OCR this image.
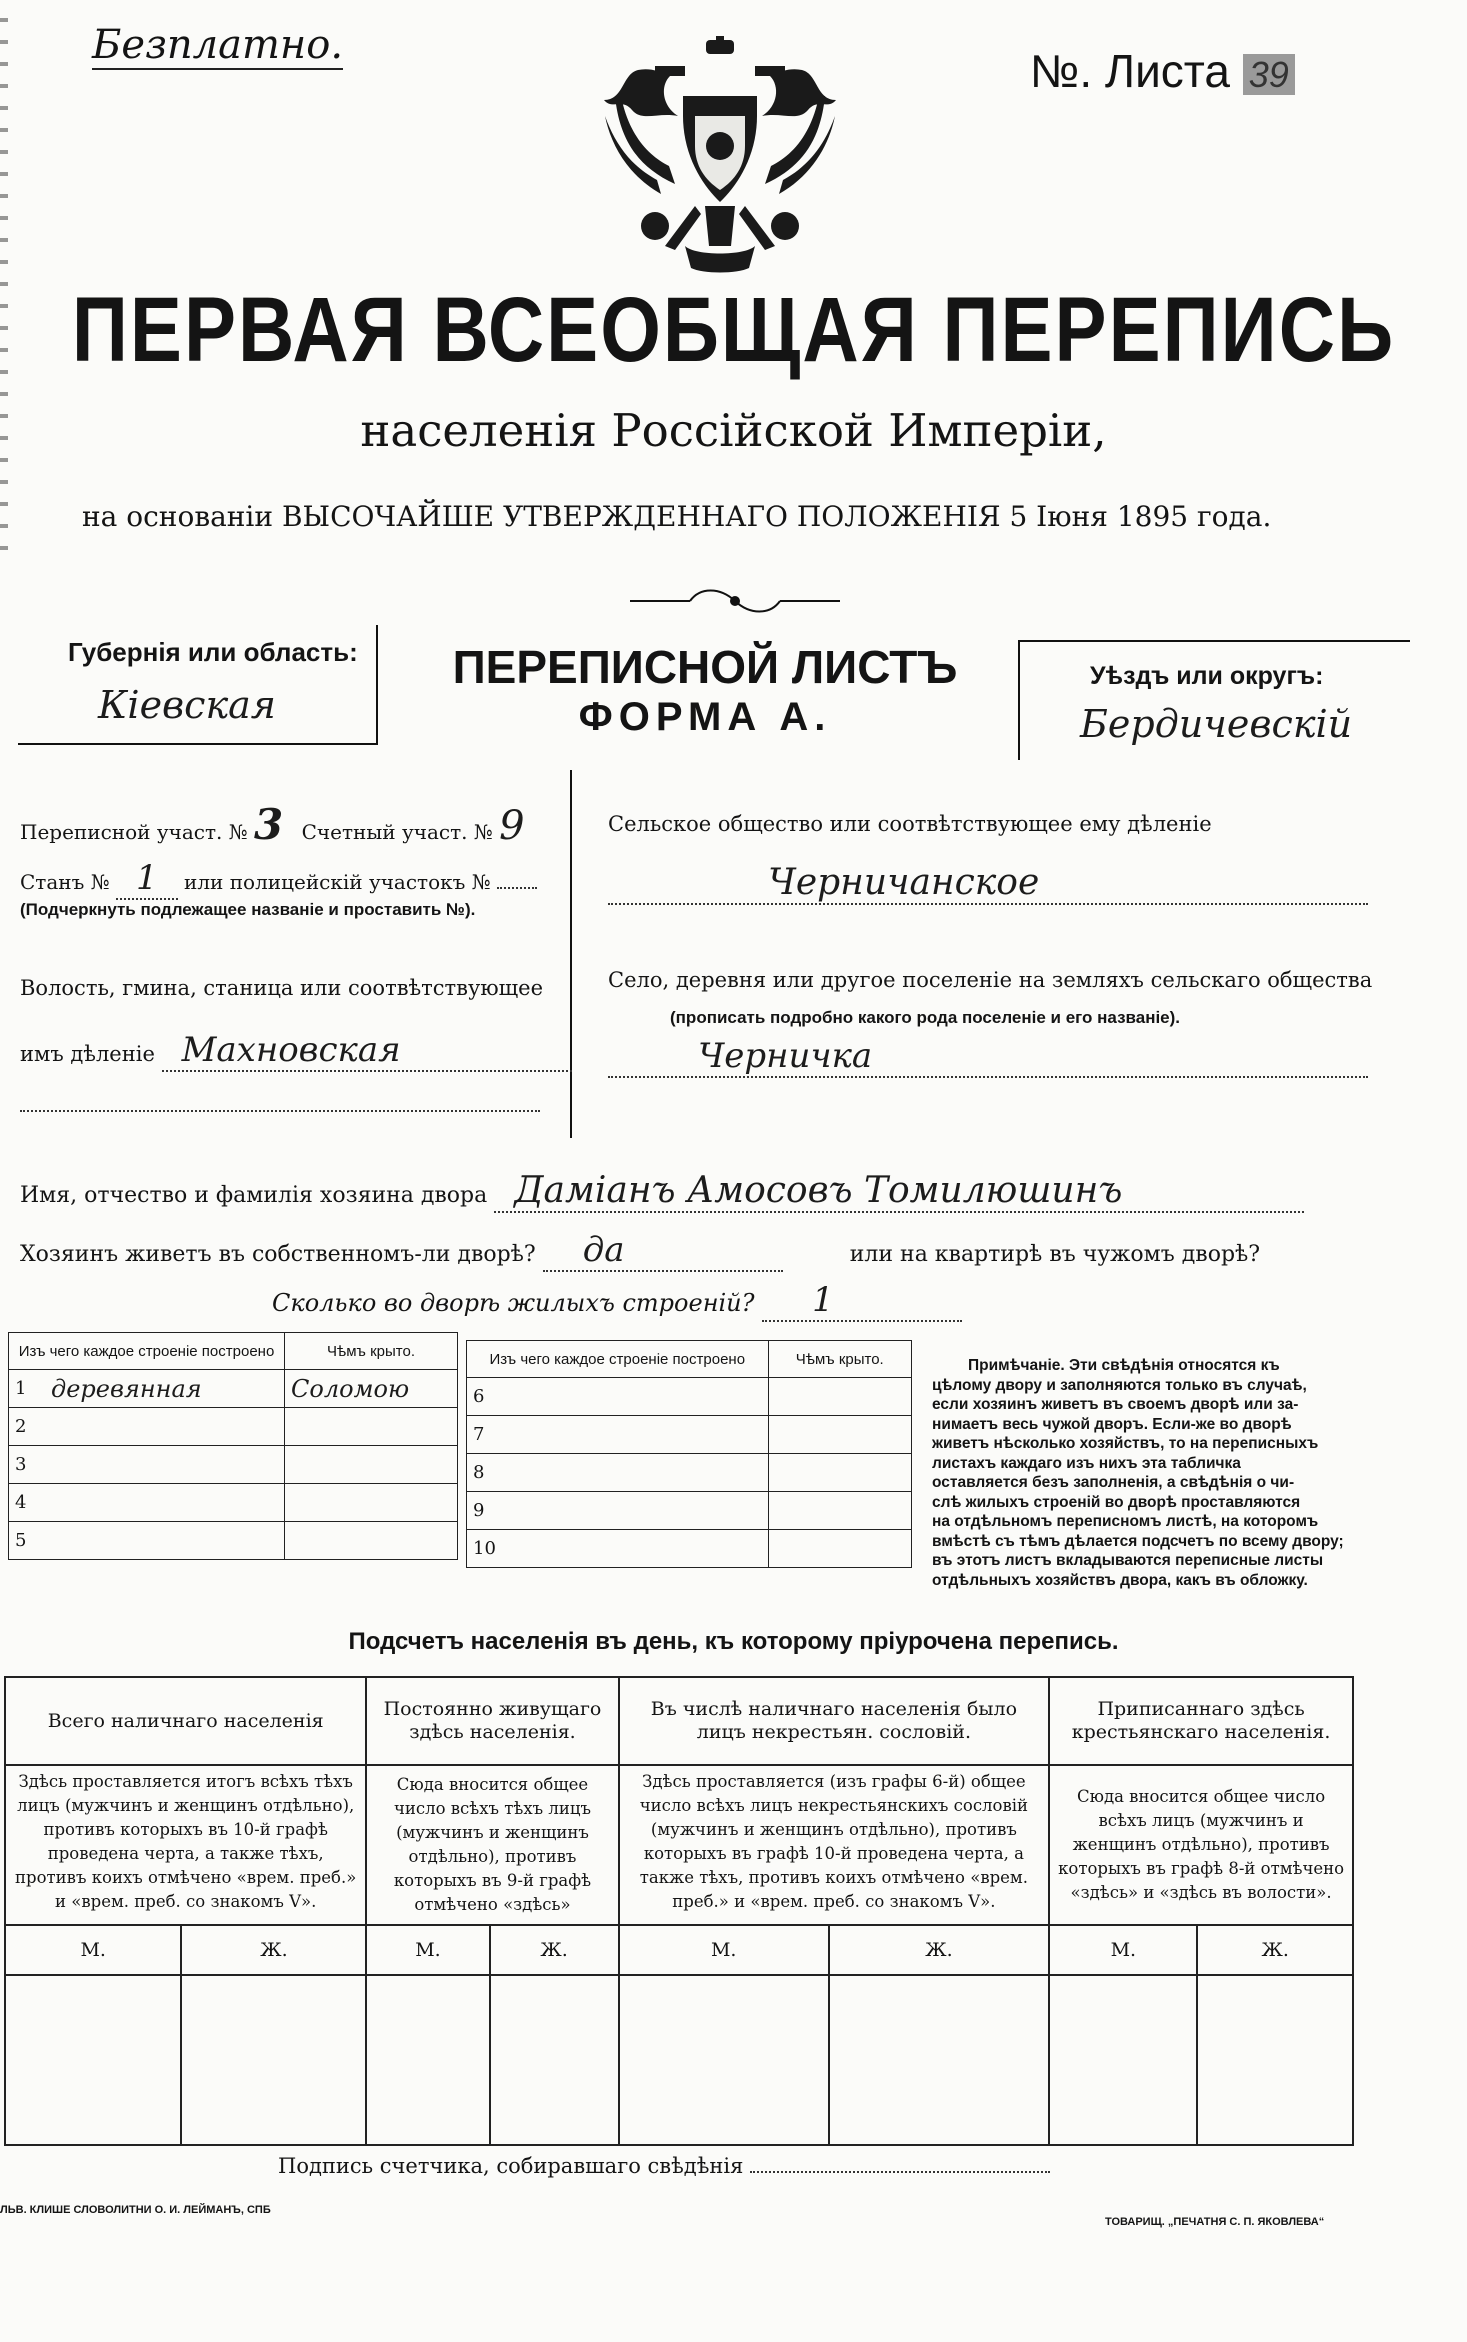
Безплатно.	№. Листа 39
ПЕРВАЯ ВСЕОБЩАЯ ПЕРЕПИСЬ
населенія Россійской Имперіи,
на основаніи ВЫСОЧАЙШЕ УТВЕРЖДЕННАГО ПОЛОЖЕНІЯ 5 Іюня 1895 года.
Губернія или область:
Кіевская
ПЕРЕПИСНОЙ ЛИСТЪ
ФОРМА А.
Уѣздъ или округъ:
Бердичевскій
Переписной участ. № 3 Счетный участ. № 9
Станъ № 1 или полицейскій участокъ №
(Подчеркнуть подлежащее названіе и проставить №).
Волость, гмина, станица или соотвѣтствующее
имъ дѣленіе Махновская
Сельское общество или соотвѣтствующее ему дѣленіе
Черничанское
Село, деревня или другое поселеніе на земляхъ сельскаго общества
(прописать подробно какого рода поселеніе и его названіе).
Черничка
Имя, отчество и фамилія хозяина двора Даміанъ Амосовъ Томилюшинъ
Хозяинъ живетъ въ собственномъ-ли дворѣ? да	или на квартирѣ въ чужомъ дворѣ?
Сколько во дворѣ жилыхъ строеній? 1
Изъ чего каждое строеніе построено		Чѣмъ крыто.
1	деревянная	Соломою
2		
3		
4		
5		
Изъ чего каждое строеніе построено		Чѣмъ крыто.
6		
7		
8		
9		
10		
Примѣчаніе. Эти свѣдѣнія относятся къ
цѣлому двору и заполняются только въ случаѣ,
если хозяинъ живетъ въ своемъ дворѣ или за-
нимаетъ весь чужой дворъ. Если-же во дворѣ
живетъ нѣсколько хозяйствъ, то на переписныхъ
листахъ каждаго изъ нихъ эта табличка
оставляется безъ заполненія, а свѣдѣнія о чи-
слѣ жилыхъ строеній во дворѣ проставляются
на отдѣльномъ переписномъ листѣ, на которомъ
вмѣстѣ съ тѣмъ дѣлается подсчетъ по всему двору;
въ этотъ листъ вкладываются переписные листы
отдѣльныхъ хозяйствъ двора, какъ въ обложку.
Подсчетъ населенія въ день, къ которому пріурочена перепись.
Всего наличнаго населенія		Постоянно живущаго здѣсь населенія.		Въ числѣ наличнаго населенія было лицъ некрестьян. сословій.		Приписаннаго здѣсь крестьянскаго населенія.	
Здѣсь проставляется итогъ всѣхъ тѣхъ лицъ (мужчинъ и женщинъ отдѣльно), противъ которыхъ въ 10-й графѣ проведена черта, а также тѣхъ, противъ коихъ отмѣчено «врем. преб.» и «врем. преб. со знакомъ V».		Сюда вносится общее число всѣхъ тѣхъ лицъ (мужчинъ и женщинъ отдѣльно), противъ которыхъ въ 9-й графѣ отмѣчено «здѣсь»		Здѣсь проставляется (изъ графы 6-й) общее число всѣхъ лицъ некрестьянскихъ сословій (мужчинъ и женщинъ отдѣльно), противъ которыхъ въ графѣ 10-й проведена черта, а также тѣхъ, противъ коихъ отмѣчено «врем. преб.» и «врем. преб. со знакомъ V».		Сюда вносится общее число всѣхъ лицъ (мужчинъ и женщинъ отдѣльно), противъ которыхъ въ графѣ 8-й отмѣчено «здѣсь» и «здѣсь въ волости».	
М.	Ж.	М.	Ж.	М.	Ж.	М.	Ж.

Подпись счетчика, собиравшаго свѣдѣнія
ЛЬВ. КЛИШЕ СЛОВОЛИТНИ О. И. ЛЕЙМАНЪ, СПБ
ТОВАРИЩ. „ПЕЧАТНЯ С. П. ЯКОВЛЕВА“
